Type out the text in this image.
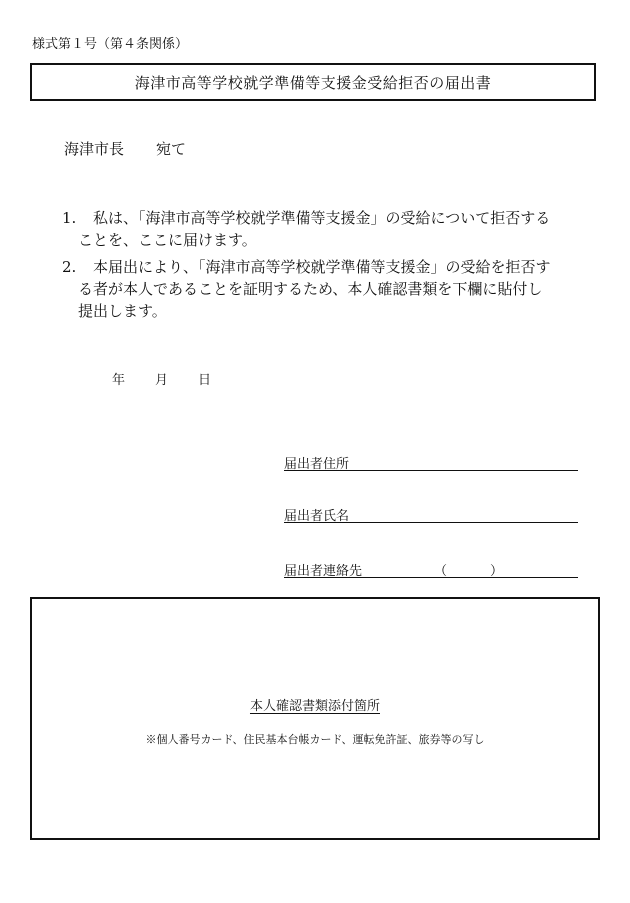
様式第１号（第４条関係）
海津市高等学校就学準備等支援金受給拒否の届出書
海津市長 宛て
1. 私は、「海津市高等学校就学準備等支援金」の受給について拒否する
ことを、ここに届けます。
2. 本届出により、「海津市高等学校就学準備等支援金」の受給を拒否す
る者が本人であることを証明するため、本人確認書類を下欄に貼付し
提出します。
年 月 日
届出者住所
届出者氏名
届出者連絡先	（	）
本人確認書類添付箇所
※個人番号カード、住民基本台帳カード、運転免許証、旅券等の写し
